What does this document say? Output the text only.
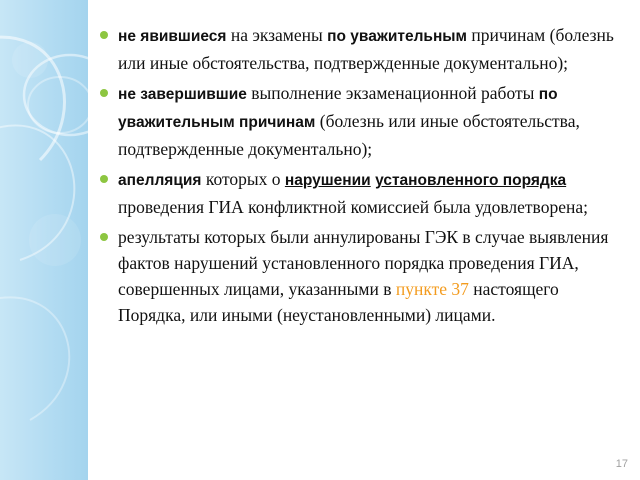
не явившиеся на экзамены по уважительным причинам (болезнь или иные обстоятельства, подтвержденные документально);
не завершившие выполнение экзаменационной работы по уважительным причинам (болезнь или иные обстоятельства, подтвержденные документально);
апелляция которых о нарушении установленного порядка проведения ГИА конфликтной комиссией была удовлетворена;
результаты которых были аннулированы ГЭК в случае выявления фактов нарушений установленного порядка проведения ГИА, совершенных лицами, указанными в пункте 37 настоящего Порядка, или иными (неустановленными) лицами.
17
